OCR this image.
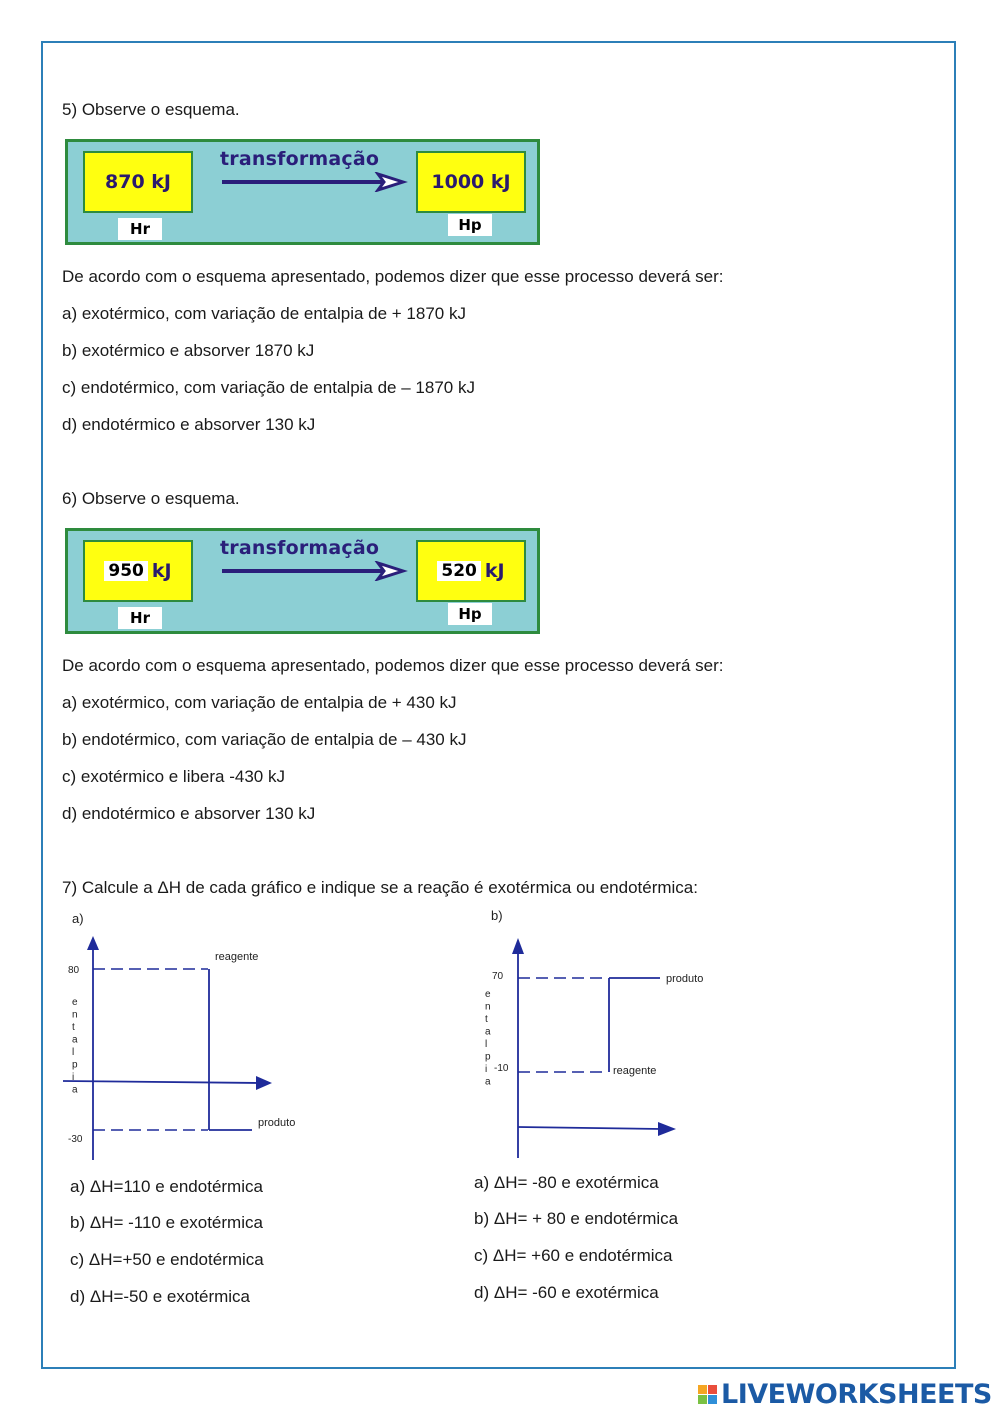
5) Observe o esquema.
870 kJ
transformação
1000 kJ
Hr	Hp
De acordo com o esquema apresentado, podemos dizer que esse processo deverá ser:
a) exotérmico, com variação de entalpia de + 1870 kJ
b) exotérmico e absorver 1870 kJ
c) endotérmico, com variação de entalpia de – 1870 kJ
d) endotérmico e absorver 130 kJ
6) Observe o esquema.
950 kJ
transformação
520 kJ
Hr	Hp
De acordo com o esquema apresentado, podemos dizer que esse processo deverá ser:
a) exotérmico, com variação de entalpia de + 430 kJ
b) endotérmico, com variação de entalpia de – 430 kJ
c) exotérmico e libera -430 kJ
d) endotérmico e absorver 130 kJ
7) Calcule a ΔH de cada gráfico e indique se a reação é exotérmica ou endotérmica:
a)	b)
80
-30
reagente
produto
e n t a l p i a
70
-10	reagente
produto
e n t a l p i a
a) ΔH=110 e endotérmica
b) ΔH= -110 e exotérmica
c) ΔH=+50 e endotérmica
d) ΔH=-50 e exotérmica
a) ΔH= -80 e exotérmica
b) ΔH= + 80 e endotérmica
c) ΔH= +60 e endotérmica
d) ΔH= -60 e exotérmica
LIVEWORKSHEETS
